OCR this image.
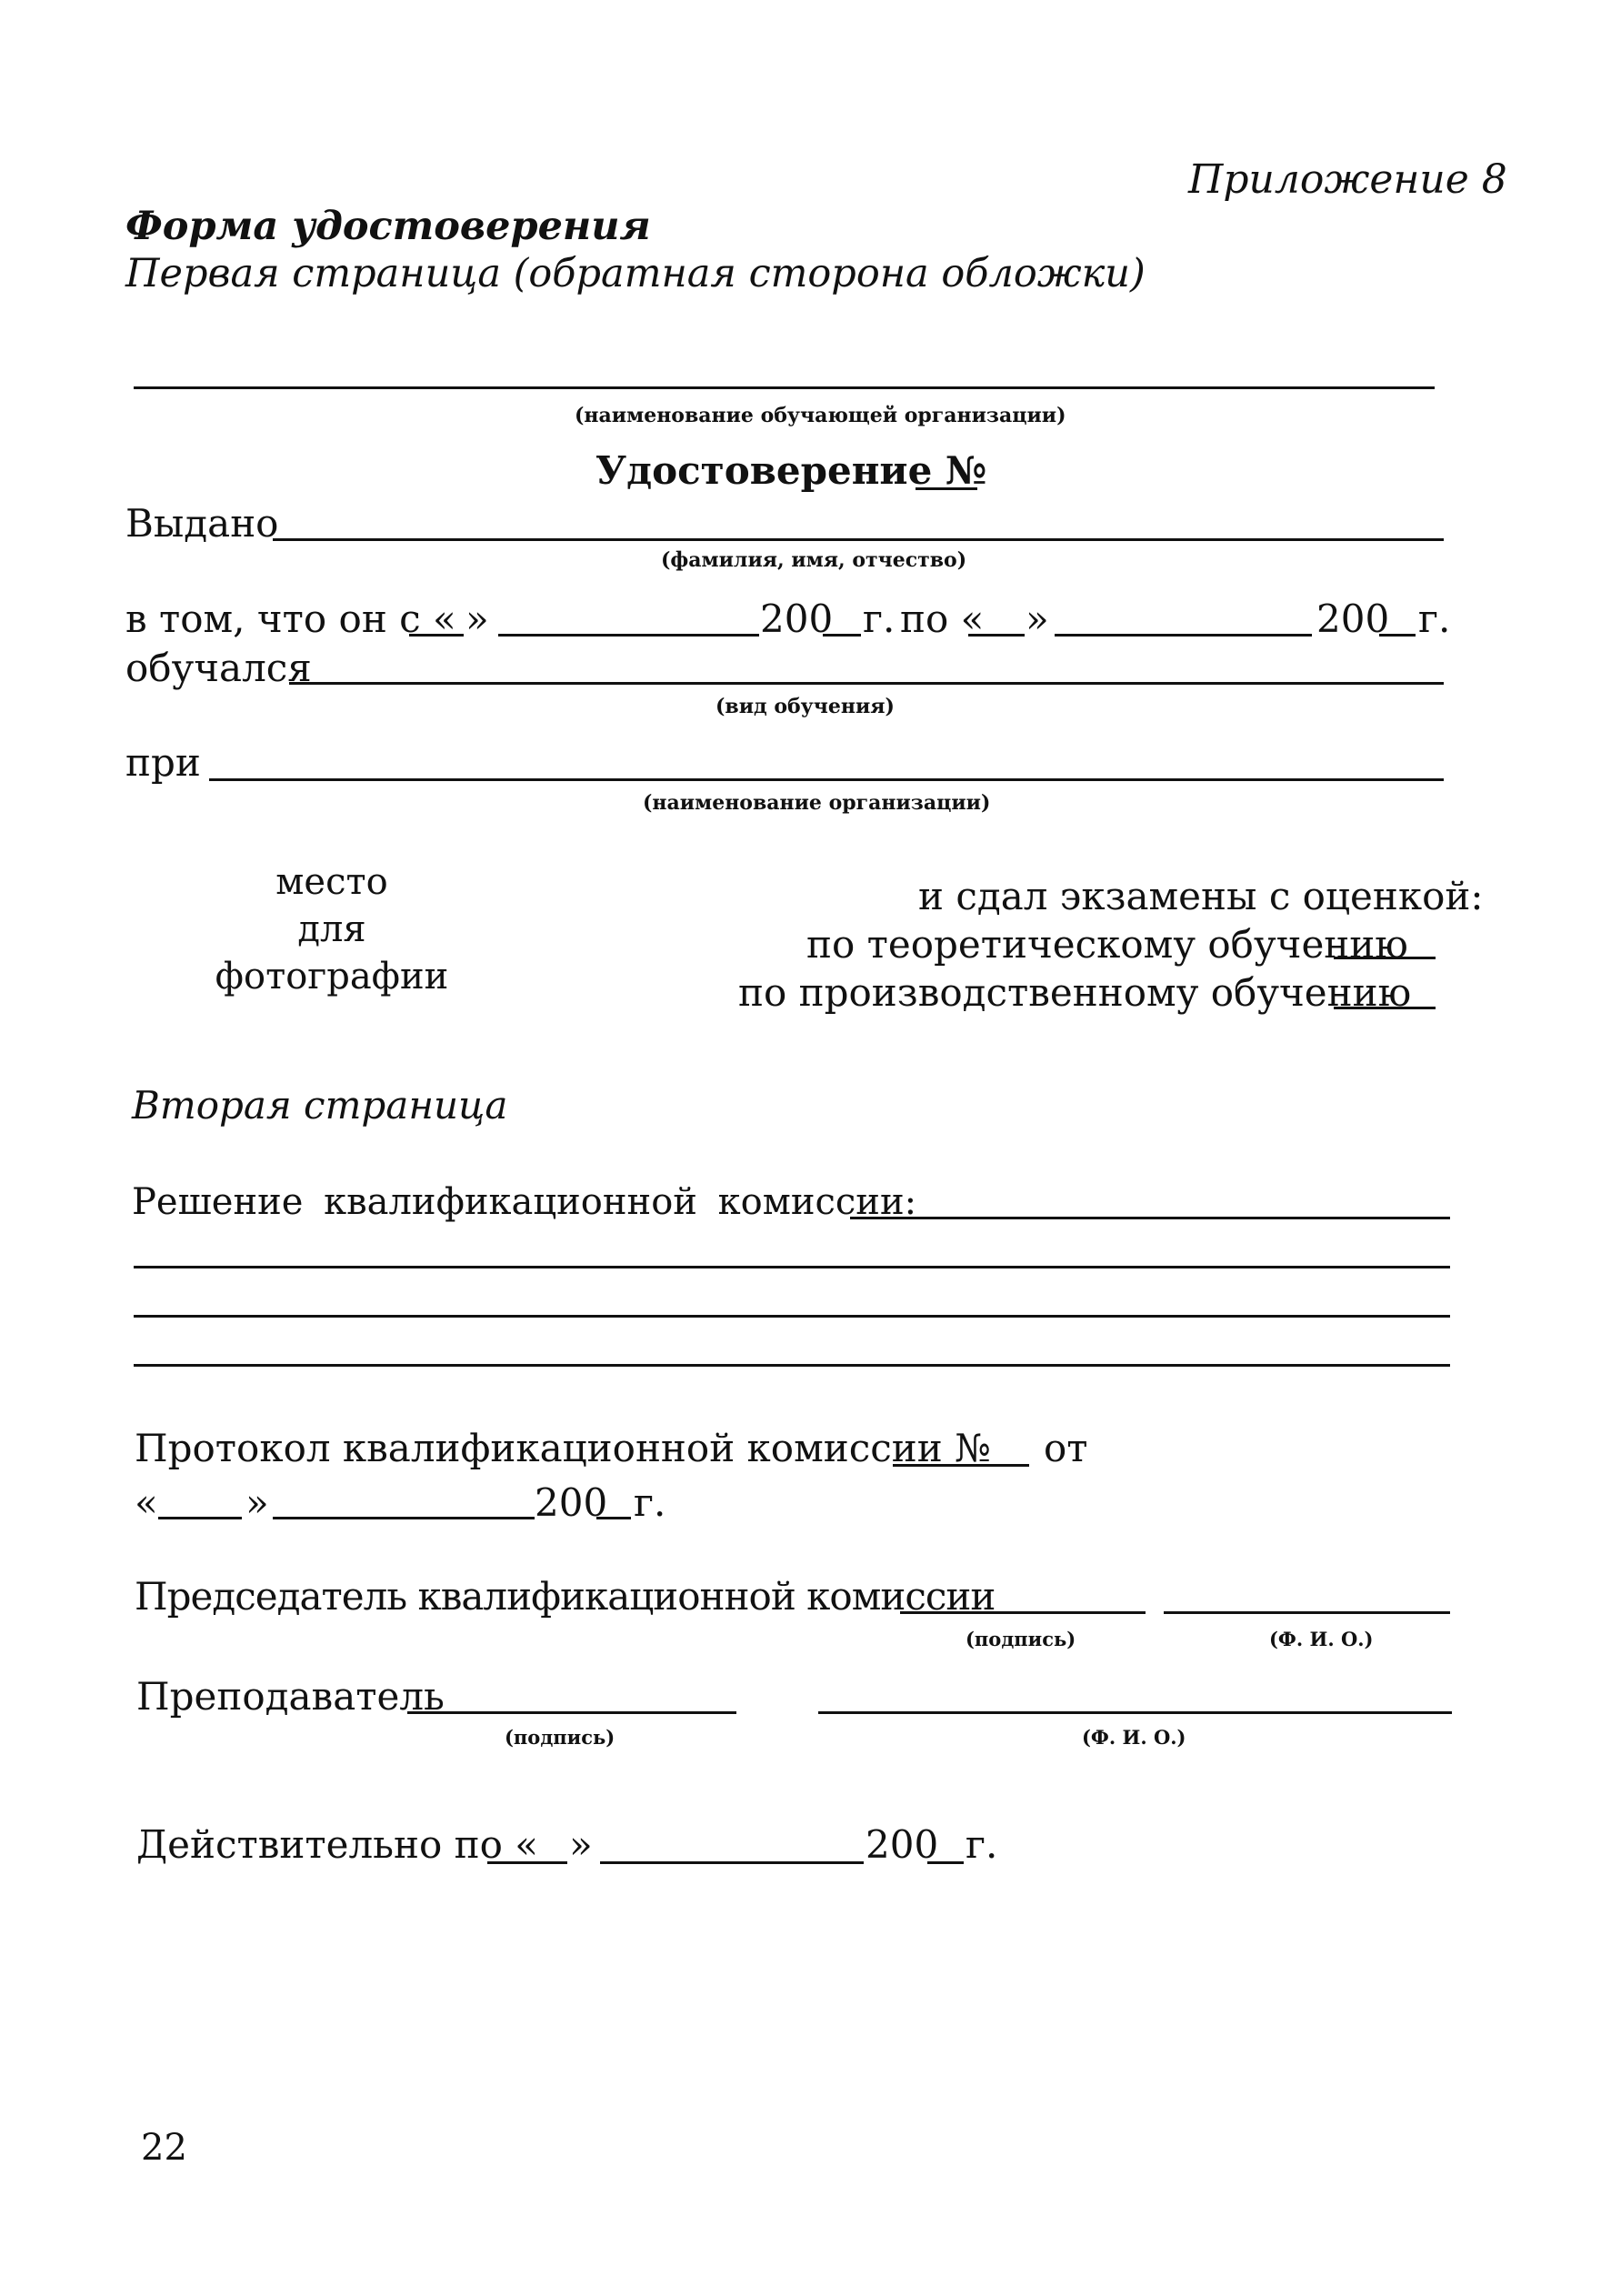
Приложение 8
Форма удостоверения
Первая страница (обратная сторона обложки)
(наименование обучающей организации)
Удостоверение №
Выдано
(фамилия, имя, отчество)
в том, что он с « »	200 г. по « »	200 г.
обучался
(вид обучения)
при
(наименование организации)
место
для
фотографии
и сдал экзамены с оценкой:
по теоретическому обучению
по производственному обучению
Вторая страница
Решение квалификационной комиссии:
Протокол квалификационной комиссии № от
« »	200 г.
Председатель квалификационной комиссии
(подпись)	(Ф. И. О.)
Преподаватель
(подпись)	(Ф. И. О.)
Действительно по « »	200 г.
22
